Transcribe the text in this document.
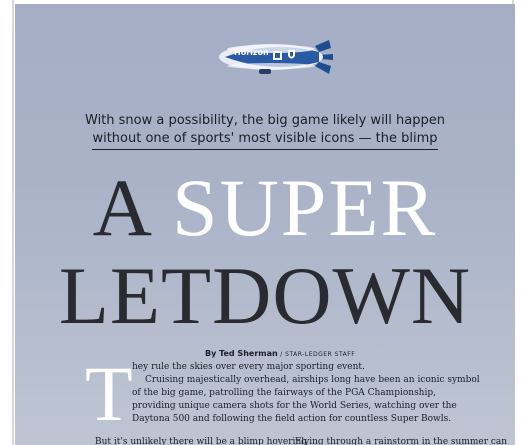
Horizon
With snow a possibility, the big game likely will happen
without one of sports' most visible icons — the blimp
A SUPER
LETDOWN
By Ted Sherman / STAR-LEDGER STAFF
T hey rule the skies over every major sporting event.

Cruising majestically overhead, airships long have been an iconic symbol of the big game, patrolling the fairways of the PGA Championship, providing unique camera shots for the World Series, watching over the Daytona 500 and following the field action for countless Super Bowls.

But it's unlikely there will be a blimp hovering
Flying through a rainstorm in the summer can
